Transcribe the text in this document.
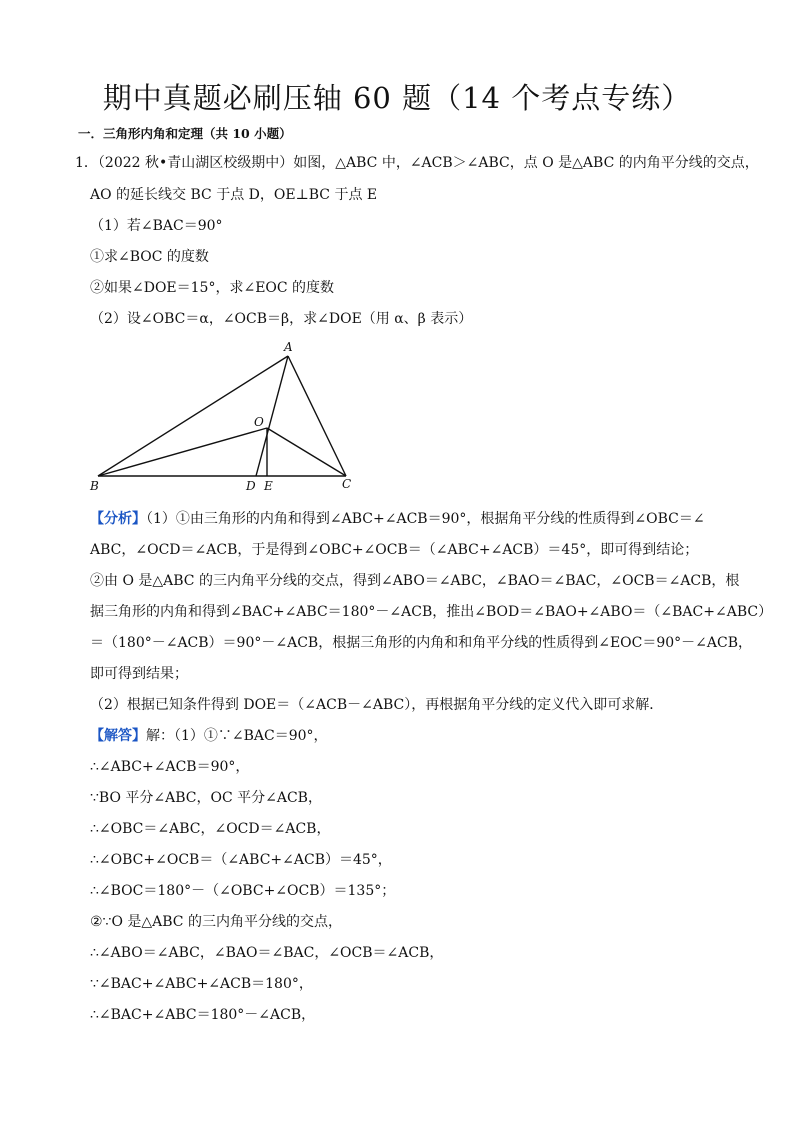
期中真题必刷压轴 60 题（14 个考点专练）
一．三角形内角和定理（共 10 小题）
1．（2022 秋•青山湖区校级期中）如图，△ABC 中，∠ACB＞∠ABC，点 O 是△ABC 的内角平分线的交点，
AO 的延长线交 BC 于点 D，OE⊥BC 于点 E
（1）若∠BAC＝90°
①求∠BOC 的度数
②如果∠DOE＝15°，求∠EOC 的度数
（2）设∠OBC＝α，∠OCB＝β，求∠DOE（用 α、β 表示）
A
B	C
D E
O
【分析】（1）①由三角形的内角和得到∠ABC+∠ACB＝90°，根据角平分线的性质得到∠OBC＝∠
ABC，∠OCD＝∠ACB，于是得到∠OBC+∠OCB＝（∠ABC+∠ACB）＝45°，即可得到结论；
②由 O 是△ABC 的三内角平分线的交点，得到∠ABO＝∠ABC，∠BAO＝∠BAC，∠OCB＝∠ACB，根
据三角形的内角和得到∠BAC+∠ABC＝180°－∠ACB，推出∠BOD＝∠BAO+∠ABO＝（∠BAC+∠ABC）
＝（180°－∠ACB）＝90°－∠ACB，根据三角形的内角和和角平分线的性质得到∠EOC＝90°－∠ACB，
即可得到结果；
（2）根据已知条件得到 DOE＝（∠ACB－∠ABC），再根据角平分线的定义代入即可求解．
【解答】解：（1）①∵∠BAC＝90°，
∴∠ABC+∠ACB＝90°，
∵BO 平分∠ABC，OC 平分∠ACB，
∴∠OBC＝∠ABC，∠OCD＝∠ACB，
∴∠OBC+∠OCB＝（∠ABC+∠ACB）＝45°，
∴∠BOC＝180°－（∠OBC+∠OCB）＝135°；
②∵O 是△ABC 的三内角平分线的交点，
∴∠ABO＝∠ABC，∠BAO＝∠BAC，∠OCB＝∠ACB，
∵∠BAC+∠ABC+∠ACB＝180°，
∴∠BAC+∠ABC＝180°－∠ACB，
